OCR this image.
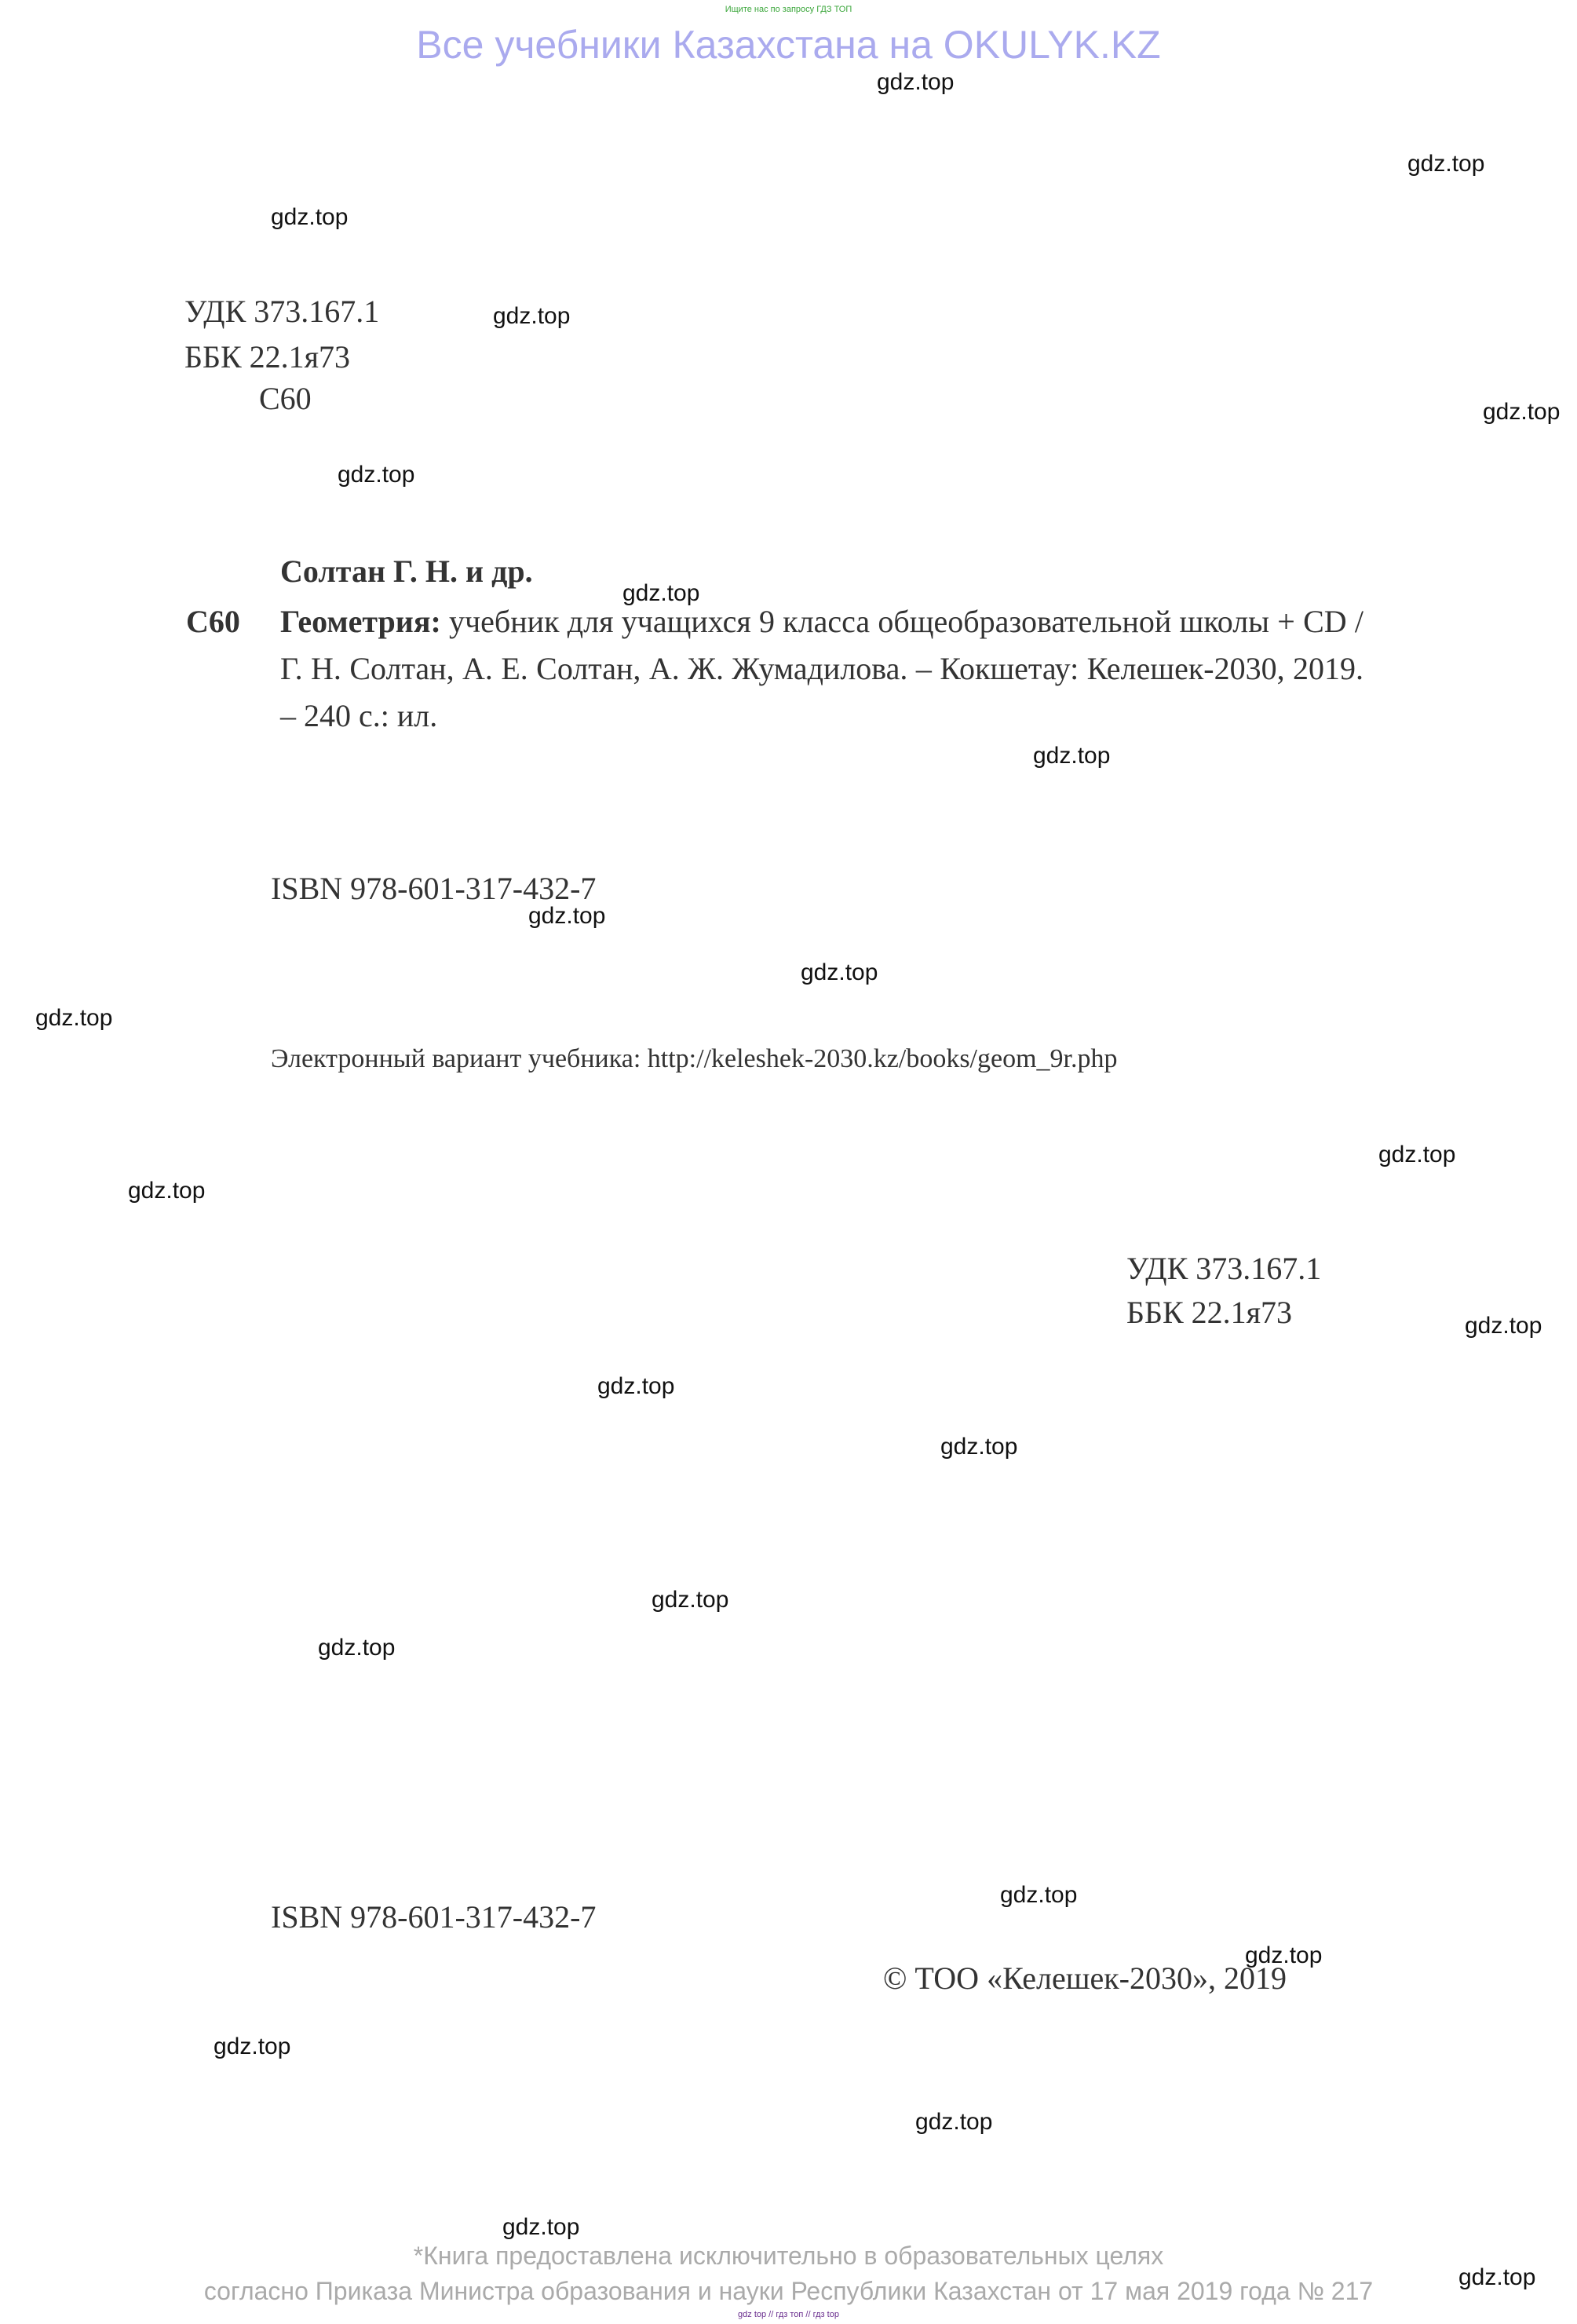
Ищите нас по запросу ГДЗ ТОП
Все учебники Казахстана на OKULYK.KZ
gdz.top
gdz.top
gdz.top
gdz.top
gdz.top
gdz.top
gdz.top
gdz.top
gdz.top
gdz.top
gdz.top
gdz.top
gdz.top
gdz.top
gdz.top
gdz.top
gdz.top
gdz.top
gdz.top
gdz.top
gdz.top
gdz.top
gdz.top
gdz.top
УДК 373.167.1
ББК 22.1я73
С60
Солтан Г. Н. и др.
С60 Геометрия: учебник для учащихся 9 класса общеобразовательной школы + CD / Г. Н. Солтан, А. Е. Солтан, А. Ж. Жумадилова. – Кокшетау: Келешек-2030, 2019. – 240 с.: ил.
ISBN 978-601-317-432-7
Электронный вариант учебника: http://keleshek-2030.kz/books/geom_9r.php
УДК 373.167.1
ББК 22.1я73
ISBN 978-601-317-432-7
© ТОО «Келешек-2030», 2019
*Книга предоставлена исключительно в образовательных целях
согласно Приказа Министра образования и науки Республики Казахстан от 17 мая 2019 года № 217
gdz top // гдз топ // гдз top
